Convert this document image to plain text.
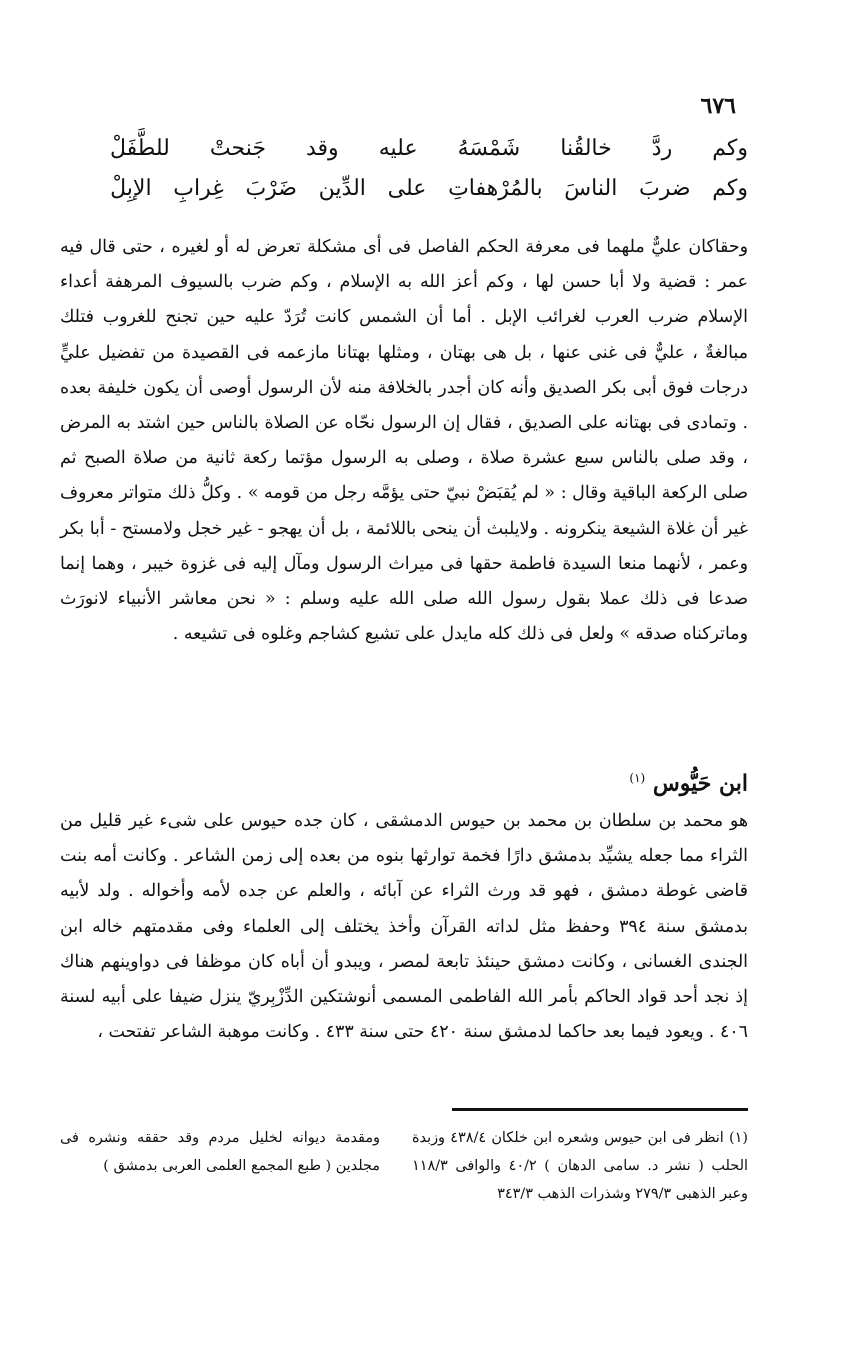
٦٧٦
وكم
ردَّ
خالقُنا
شَمْسَهُ
عليه
وقد
جَنحتْ
للطَّفَلْ
وكم
ضربَ
الناسَ
بالمُرْهفاتِ
على
الدِّين
ضَرْبَ
غِرابِ
الإبِلْ

وحقاكان عليٌّ ملهما فى معرفة الحكم الفاصل فى أى مشكلة تعرض له أو لغيره ، حتى قال فيه عمر : قضية ولا أبا حسن لها ، وكم أعز الله به الإسلام ، وكم ضرب بالسيوف المرهفة أعداء الإسلام ضرب العرب لغرائب الإبل . أما أن الشمس كانت تُرَدّ عليه حين تجنح للغروب فتلك مبالغةٌ ، عليٌّ فى غنى عنها ، بل هى بهتان ، ومثلها بهتانا مازعمه فى القصيدة من تفضيل عليٍّ درجات فوق أبى بكر الصديق وأنه كان أجدر بالخلافة منه لأن الرسول أوصى أن يكون خليفة بعده . وتمادى فى بهتانه على الصديق ، فقال إن الرسول نحّاه عن الصلاة بالناس حين اشتد به المرض ، وقد صلى بالناس سبع عشرة صلاة ، وصلى به الرسول مؤتما ركعة ثانية من صلاة الصبح ثم صلى الركعة الباقية وقال : « لم يُقبَضْ نبيّ حتى يؤمَّه رجل من قومه » . وكلُّ ذلك متواتر معروف غير أن غلاة الشيعة ينكرونه . ولايلبث أن ينحى باللائمة ، بل أن يهجو - غير خجل ولامستح - أبا بكر وعمر ، لأنهما منعا السيدة فاطمة حقها فى ميراث الرسول ومآل إليه فى غزوة خيبر ، وهما إنما صدعا فى ذلك عملا بقول رسول الله صلى الله عليه وسلم : « نحن معاشر الأنبياء لانورَث وماتركناه صدقه » ولعل فى ذلك كله مايدل على تشيع كشاجم وغلوه فى تشيعه .

ابن حَيُّوس $^{(١)}$

هو محمد بن سلطان بن محمد بن حيوس الدمشقى ، كان جده حيوس على شىء غير قليل من الثراء مما جعله يشيِّد بدمشق دارًا فخمة توارثها بنوه من بعده إلى زمن الشاعر . وكانت أمه بنت قاضى غوطة دمشق ، فهو قد ورث الثراء عن آبائه ، والعلم عن جده لأمه وأخواله . ولد لأبيه بدمشق سنة ٣٩٤ وحفظ مثل لداته القرآن وأخذ يختلف إلى العلماء وفى مقدمتهم خاله ابن الجندى الغسانى ، وكانت دمشق حينئذ تابعة لمصر ، ويبدو أن أباه كان موظفا فى دواوينهم هناك إذ نجد أحد قواد الحاكم بأمر الله الفاطمى المسمى أنوشتكين الدِّزْبِريّ ينزل ضيفا على أبيه لسنة ٤٠٦ . ويعود فيما بعد حاكما لدمشق سنة ٤٢٠ حتى سنة ٤٣٣ . وكانت موهبة الشاعر تفتحت ،

(١) انظر فى ابن حيوس وشعره ابن خلكان ٤٣٨/٤ وزبدة الحلب ( نشر د. سامى الدهان ) ٤٠/٢ والوافى ١١٨/٣ وعبر الذهبى ٢٧٩/٣ وشذرات الذهب ٣٤٣/٣

ومقدمة ديوانه لخليل مردم وقد حققه ونشره فى مجلدين ( طبع المجمع العلمى العربى بدمشق )
